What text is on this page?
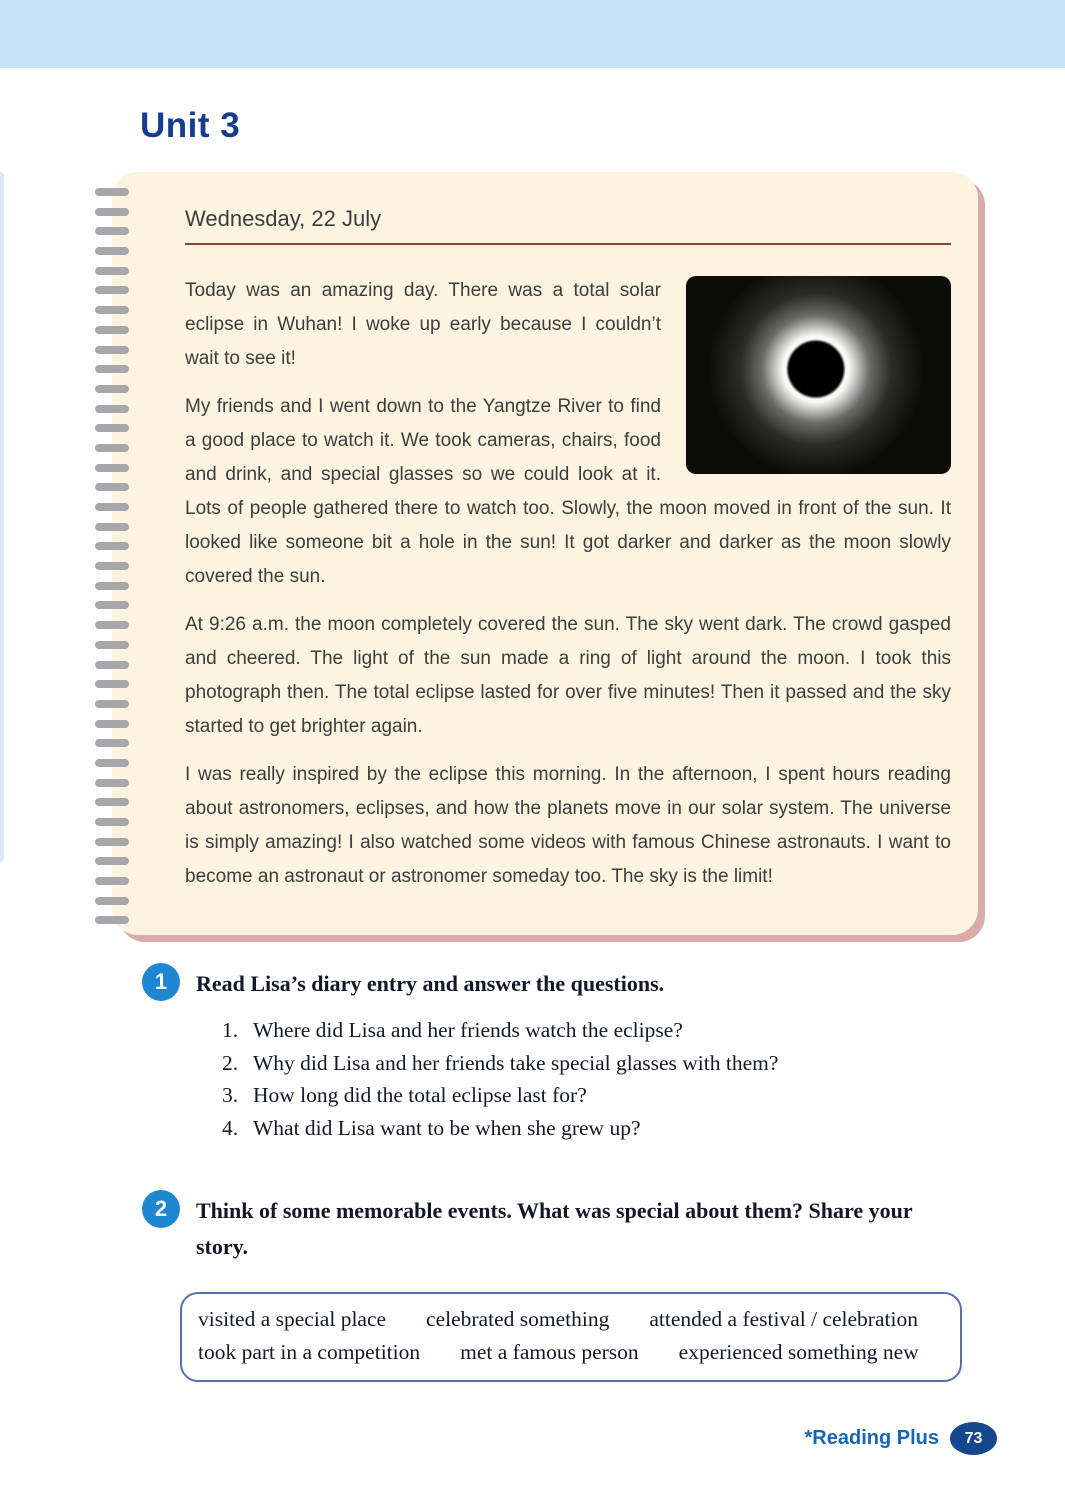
Unit 3
Wednesday, 22 July

Today was an amazing day. There was a total solar eclipse in Wuhan! I woke up early because I couldn’t wait to see it!

My friends and I went down to the Yangtze River to find a good place to watch it. We took cameras, chairs, food and drink, and special glasses so we could look at it. Lots of people gathered there to watch too. Slowly, the moon moved in front of the sun. It looked like someone bit a hole in the sun! It got darker and darker as the moon slowly covered the sun.

At 9:26 a.m. the moon completely covered the sun. The sky went dark. The crowd gasped and cheered. The light of the sun made a ring of light around the moon. I took this photograph then. The total eclipse lasted for over five minutes! Then it passed and the sky started to get brighter again.

I was really inspired by the eclipse this morning. In the afternoon, I spent hours reading about astronomers, eclipses, and how the planets move in our solar system. The universe is simply amazing! I also watched some videos with famous Chinese astronauts. I want to become an astronaut or astronomer someday too. The sky is the limit!

1	Read Lisa’s diary entry and answer the questions.
1. Where did Lisa and her friends watch the eclipse?
2. Why did Lisa and her friends take special glasses with them?
3. How long did the total eclipse last for?
4. What did Lisa want to be when she grew up?
2	Think of some memorable events. What was special about them? Share your story.
visited a special place celebrated something attended a festival / celebration
took part in a competition met a famous person experienced something new
*Reading Plus	73
